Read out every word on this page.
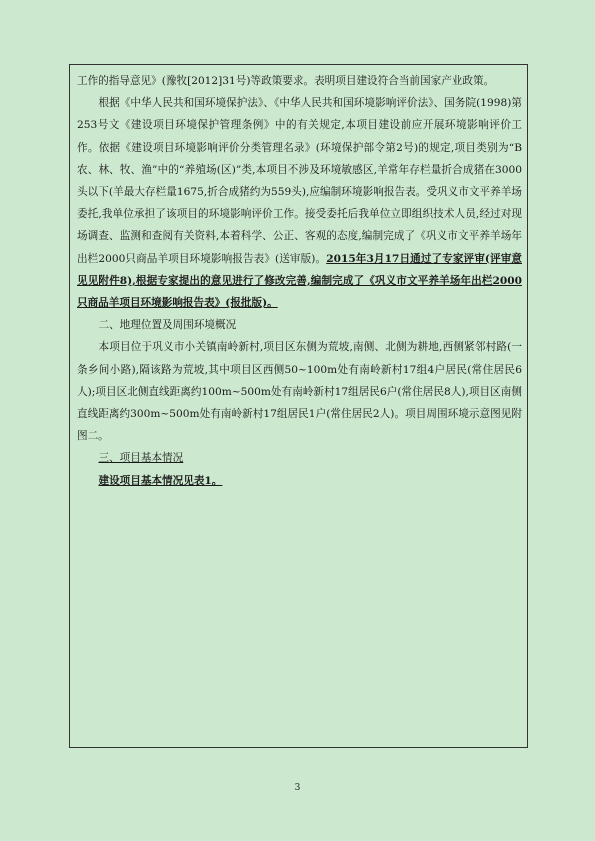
工作的指导意见》(豫牧[2012]31号)等政策要求。表明项目建设符合当前国家产业政策。

根据《中华人民共和国环境保护法》、《中华人民共和国环境影响评价法》、国务院(1998)第253号文《建设项目环境保护管理条例》中的有关规定,本项目建设前应开展环境影响评价工作。依据《建设项目环境影响评价分类管理名录》(环境保护部令第2号)的规定,项目类别为“B农、林、牧、渔”中的“养殖场(区)”类,本项目不涉及环境敏感区,羊常年存栏量折合成猪在3000头以下(羊最大存栏量1675,折合成猪约为559头),应编制环境影响报告表。受巩义市文平养羊场委托,我单位承担了该项目的环境影响评价工作。接受委托后我单位立即组织技术人员,经过对现场调查、监测和查阅有关资料,本着科学、公正、客观的态度,编制完成了《巩义市文平养羊场年出栏2000只商品羊项目环境影响报告表》(送审版)。2015年3月17日通过了专家评审(评审意见见附件8),根据专家提出的意见进行了修改完善,编制完成了《巩义市文平养羊场年出栏2000只商品羊项目环境影响报告表》(报批版)。

二、地理位置及周围环境概况

本项目位于巩义市小关镇南岭新村,项目区东侧为荒坡,南侧、北侧为耕地,西侧紧邻村路(一条乡间小路),隔该路为荒坡,其中项目区西侧50~100m处有南岭新村17组4户居民(常住居民6人);项目区北侧直线距离约100m~500m处有南岭新村17组居民6户(常住居民8人),项目区南侧直线距离约300m~500m处有南岭新村17组居民1户(常住居民2人)。项目周围环境示意图见附图二。

三、项目基本情况

建设项目基本情况见表1。

3
